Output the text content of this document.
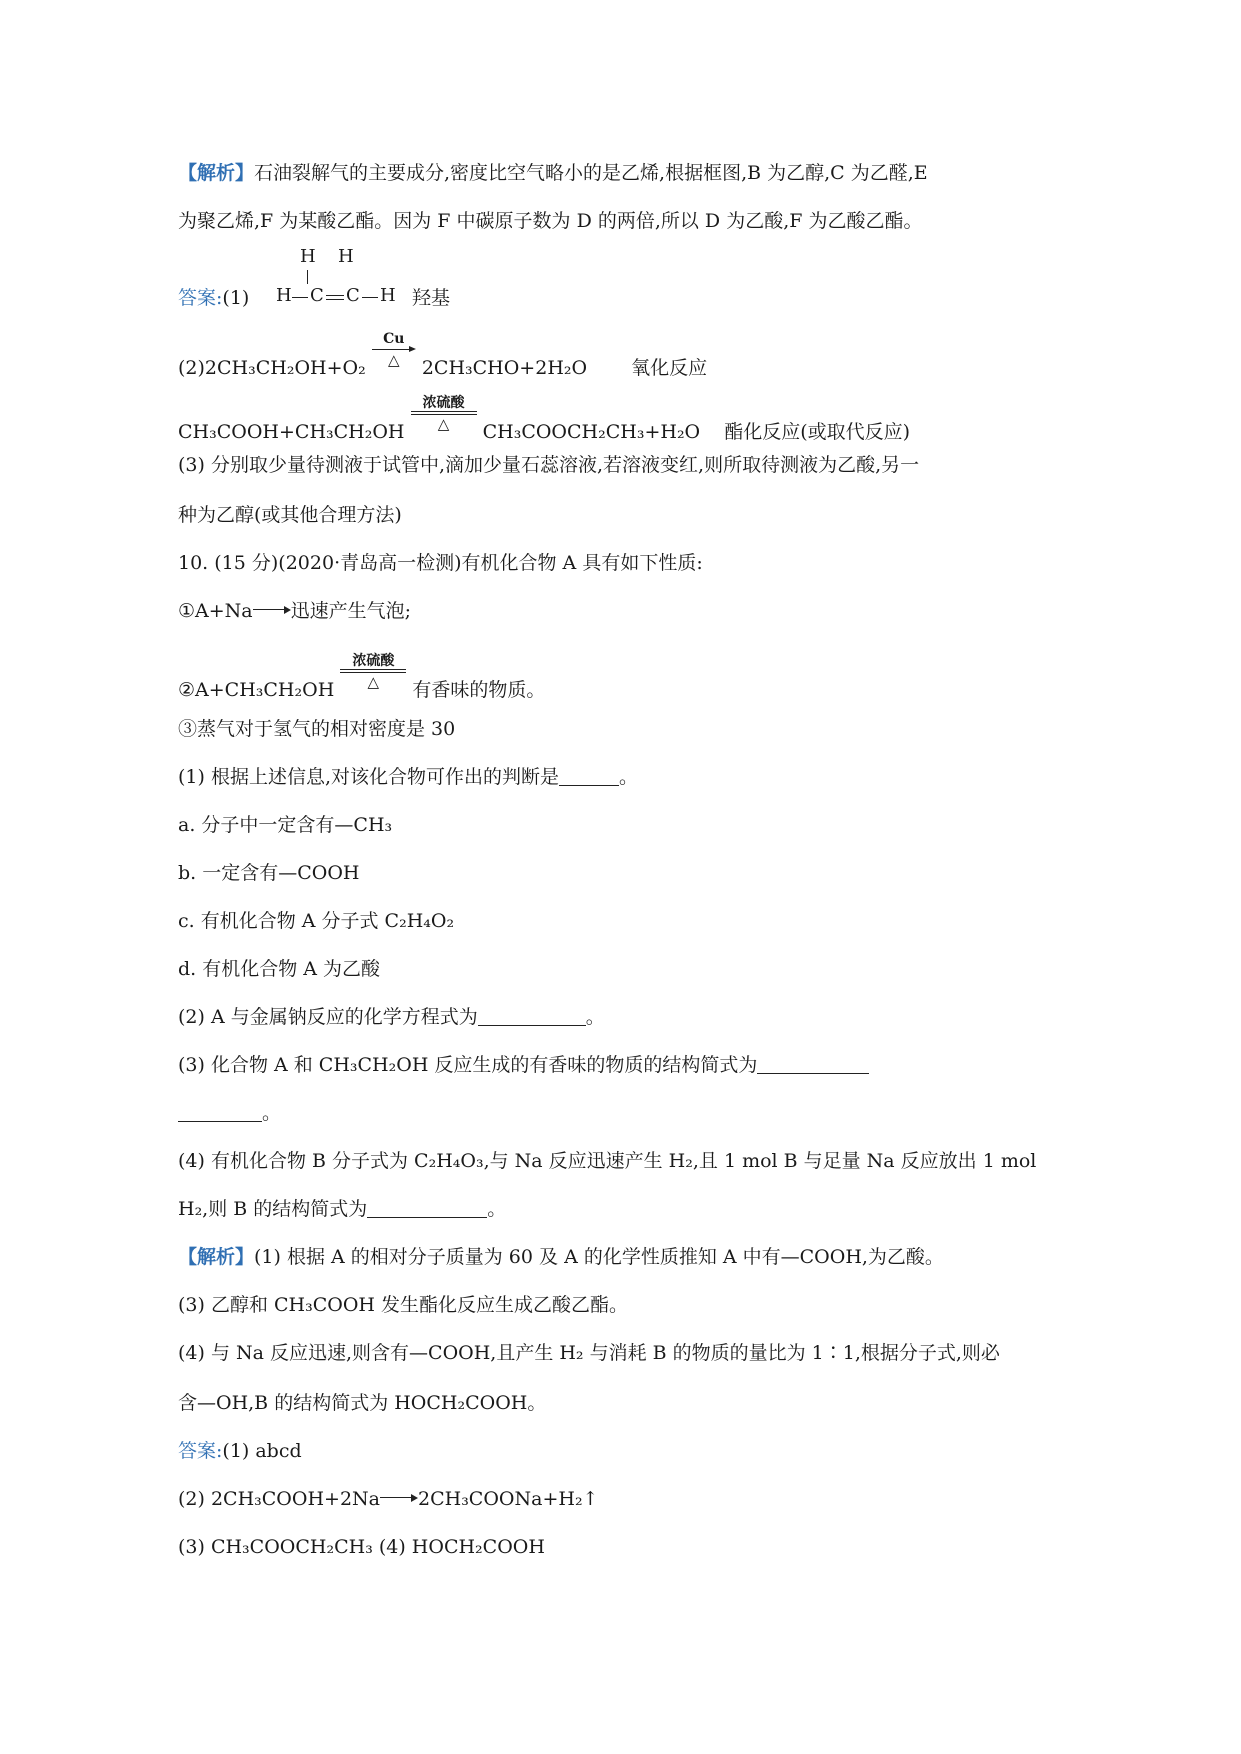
【解析】石油裂解气的主要成分,密度比空气略小的是乙烯,根据框图,B 为乙醇,C 为乙醛,E
为聚乙烯,F 为某酸乙酯。因为 F 中碳原子数为 D 的两倍,所以 D 为乙酸,F 为乙酸乙酯。
答案:(1)
H H
H C C H 羟基
(2)2CH₃CH₂OH+O₂
Cu
△	2CH₃CHO+2H₂O 氧化反应
CH₃COOH+CH₃CH₂OH
浓硫酸
△	CH₃COOCH₂CH₃+H₂O 酯化反应(或取代反应)
(3) 分别取少量待测液于试管中,滴加少量石蕊溶液,若溶液变红,则所取待测液为乙酸,另一
种为乙醇(或其他合理方法)
10. (15 分)(2020·青岛高一检测)有机化合物 A 具有如下性质:
①A+Na 迅速产生气泡;
②A+CH₃CH₂OH
浓硫酸
△	有香味的物质。
③蒸气对于氢气的相对密度是 30
(1) 根据上述信息,对该化合物可作出的判断是	。
a. 分子中一定含有—CH₃
b. 一定含有—COOH
c. 有机化合物 A 分子式 C₂H₄O₂
d. 有机化合物 A 为乙酸
(2) A 与金属钠反应的化学方程式为	。
(3) 化合物 A 和 CH₃CH₂OH 反应生成的有香味的物质的结构简式为
。
(4) 有机化合物 B 分子式为 C₂H₄O₃,与 Na 反应迅速产生 H₂,且 1 mol B 与足量 Na 反应放出 1 mol
H₂,则 B 的结构简式为	。
【解析】(1) 根据 A 的相对分子质量为 60 及 A 的化学性质推知 A 中有—COOH,为乙酸。
(3) 乙醇和 CH₃COOH 发生酯化反应生成乙酸乙酯。
(4) 与 Na 反应迅速,则含有—COOH,且产生 H₂ 与消耗 B 的物质的量比为 1∶1,根据分子式,则必
含—OH,B 的结构简式为 HOCH₂COOH。
答案:(1) abcd
(2) 2CH₃COOH+2Na 2CH₃COONa+H₂↑
(3) CH₃COOCH₂CH₃ (4) HOCH₂COOH
